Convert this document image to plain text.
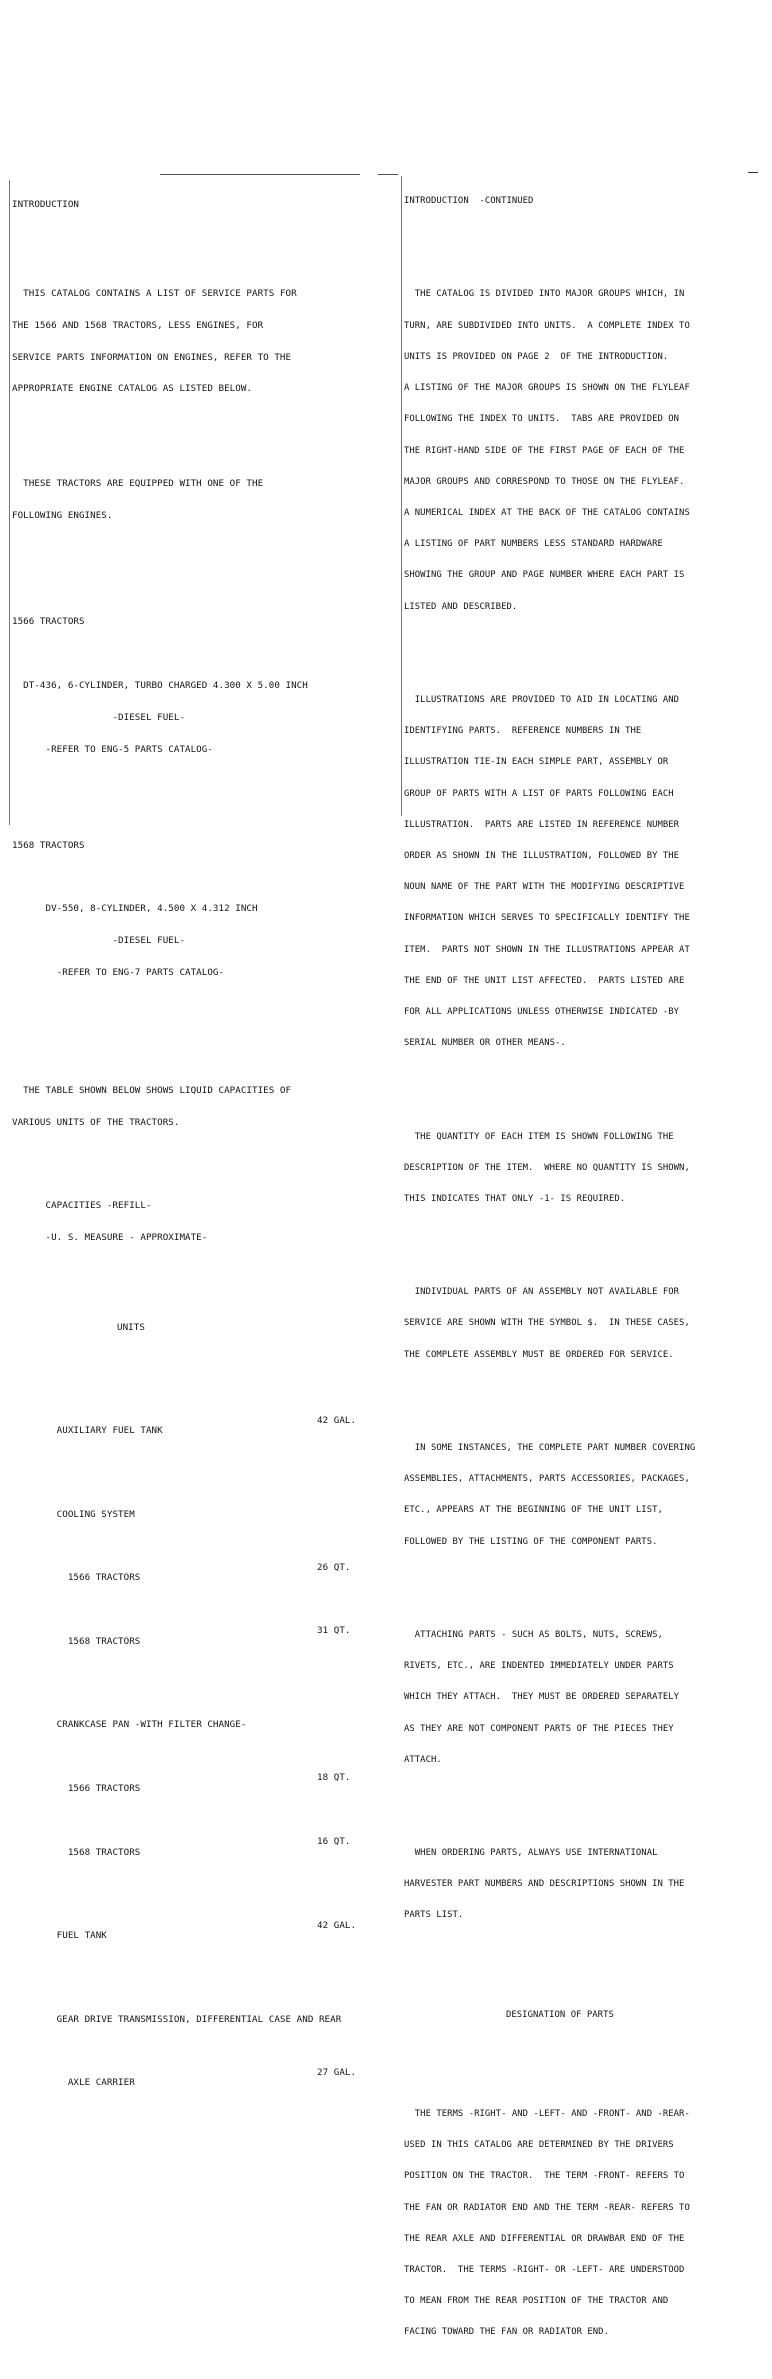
INTRODUCTION

THIS CATALOG CONTAINS A LIST OF SERVICE PARTS FOR

THE 1566 AND 1568 TRACTORS, LESS ENGINES, FOR

SERVICE PARTS INFORMATION ON ENGINES, REFER TO THE

APPROPRIATE ENGINE CATALOG AS LISTED BELOW.

THESE TRACTORS ARE EQUIPPED WITH ONE OF THE

FOLLOWING ENGINES.

1566 TRACTORS

DT-436, 6-CYLINDER, TURBO CHARGED 4.300 X 5.00 INCH

-DIESEL FUEL-

-REFER TO ENG-5 PARTS CATALOG-

1568 TRACTORS

DV-550, 8-CYLINDER, 4.500 X 4.312 INCH

-DIESEL FUEL-

-REFER TO ENG-7 PARTS CATALOG-

THE TABLE SHOWN BELOW SHOWS LIQUID CAPACITIES OF

VARIOUS UNITS OF THE TRACTORS.

CAPACITIES -REFILL-

-U. S. MEASURE - APPROXIMATE-

UNITS

AUXILIARY FUEL TANK

42 GAL.

COOLING SYSTEM

1566 TRACTORS

26 QT.

1568 TRACTORS

31 QT.

CRANKCASE PAN -WITH FILTER CHANGE-

1566 TRACTORS

18 QT.

1568 TRACTORS

16 QT.

FUEL TANK

42 GAL.

GEAR DRIVE TRANSMISSION, DIFFERENTIAL CASE AND REAR

AXLE CARRIER

27 GAL.

INTRODUCTION  -CONTINUED

THE CATALOG IS DIVIDED INTO MAJOR GROUPS WHICH, IN

TURN, ARE SUBDIVIDED INTO UNITS.  A COMPLETE INDEX TO

UNITS IS PROVIDED ON PAGE 2  OF THE INTRODUCTION.

A LISTING OF THE MAJOR GROUPS IS SHOWN ON THE FLYLEAF

FOLLOWING THE INDEX TO UNITS.  TABS ARE PROVIDED ON

THE RIGHT-HAND SIDE OF THE FIRST PAGE OF EACH OF THE

MAJOR GROUPS AND CORRESPOND TO THOSE ON THE FLYLEAF.

A NUMERICAL INDEX AT THE BACK OF THE CATALOG CONTAINS

A LISTING OF PART NUMBERS LESS STANDARD HARDWARE

SHOWING THE GROUP AND PAGE NUMBER WHERE EACH PART IS

LISTED AND DESCRIBED.

ILLUSTRATIONS ARE PROVIDED TO AID IN LOCATING AND

IDENTIFYING PARTS.  REFERENCE NUMBERS IN THE

ILLUSTRATION TIE-IN EACH SIMPLE PART, ASSEMBLY OR

GROUP OF PARTS WITH A LIST OF PARTS FOLLOWING EACH

ILLUSTRATION.  PARTS ARE LISTED IN REFERENCE NUMBER

ORDER AS SHOWN IN THE ILLUSTRATION, FOLLOWED BY THE

NOUN NAME OF THE PART WITH THE MODIFYING DESCRIPTIVE

INFORMATION WHICH SERVES TO SPECIFICALLY IDENTIFY THE

ITEM.  PARTS NOT SHOWN IN THE ILLUSTRATIONS APPEAR AT

THE END OF THE UNIT LIST AFFECTED.  PARTS LISTED ARE

FOR ALL APPLICATIONS UNLESS OTHERWISE INDICATED -BY

SERIAL NUMBER OR OTHER MEANS-.

THE QUANTITY OF EACH ITEM IS SHOWN FOLLOWING THE

DESCRIPTION OF THE ITEM.  WHERE NO QUANTITY IS SHOWN,

THIS INDICATES THAT ONLY -1- IS REQUIRED.

INDIVIDUAL PARTS OF AN ASSEMBLY NOT AVAILABLE FOR

SERVICE ARE SHOWN WITH THE SYMBOL $.  IN THESE CASES,

THE COMPLETE ASSEMBLY MUST BE ORDERED FOR SERVICE.

IN SOME INSTANCES, THE COMPLETE PART NUMBER COVERING

ASSEMBLIES, ATTACHMENTS, PARTS ACCESSORIES, PACKAGES,

ETC., APPEARS AT THE BEGINNING OF THE UNIT LIST,

FOLLOWED BY THE LISTING OF THE COMPONENT PARTS.

ATTACHING PARTS - SUCH AS BOLTS, NUTS, SCREWS,

RIVETS, ETC., ARE INDENTED IMMEDIATELY UNDER PARTS

WHICH THEY ATTACH.  THEY MUST BE ORDERED SEPARATELY

AS THEY ARE NOT COMPONENT PARTS OF THE PIECES THEY

ATTACH.

WHEN ORDERING PARTS, ALWAYS USE INTERNATIONAL

HARVESTER PART NUMBERS AND DESCRIPTIONS SHOWN IN THE

PARTS LIST.

DESIGNATION OF PARTS

THE TERMS -RIGHT- AND -LEFT- AND -FRONT- AND -REAR-

USED IN THIS CATALOG ARE DETERMINED BY THE DRIVERS

POSITION ON THE TRACTOR.  THE TERM -FRONT- REFERS TO

THE FAN OR RADIATOR END AND THE TERM -REAR- REFERS TO

THE REAR AXLE AND DIFFERENTIAL OR DRAWBAR END OF THE

TRACTOR.  THE TERMS -RIGHT- OR -LEFT- ARE UNDERSTOOD

TO MEAN FROM THE REAR POSITION OF THE TRACTOR AND

FACING TOWARD THE FAN OR RADIATOR END.
